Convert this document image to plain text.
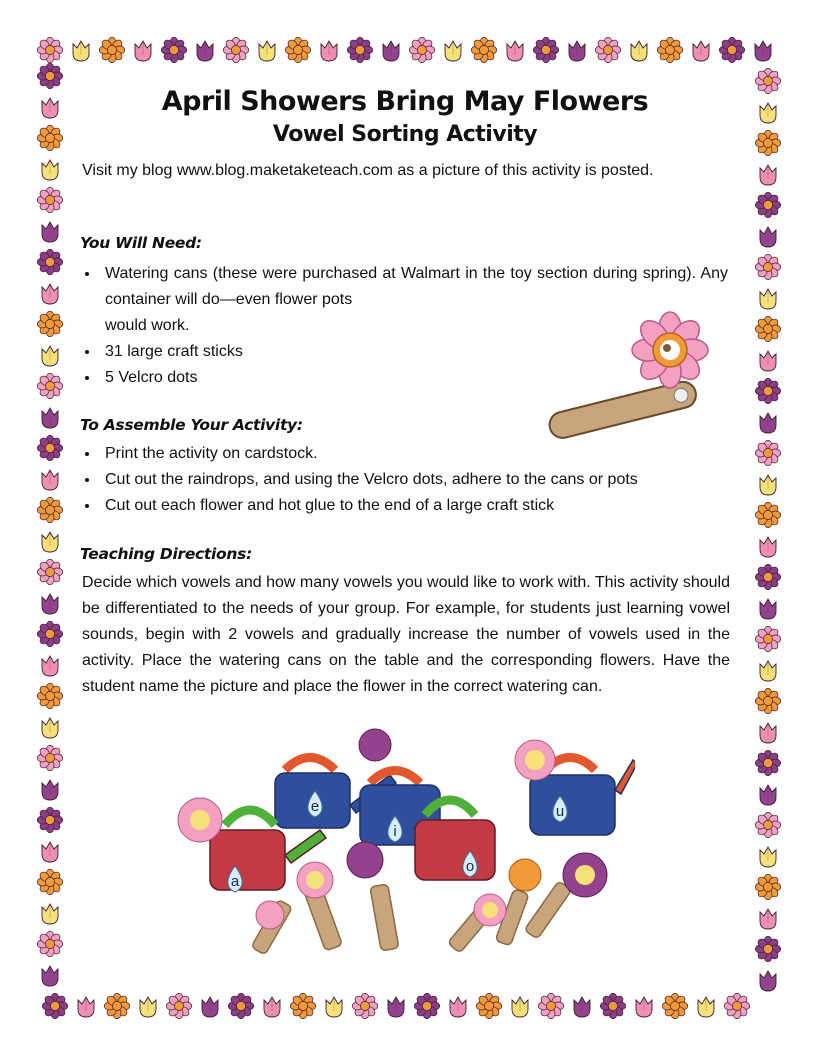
April Showers Bring May Flowers
Vowel Sorting Activity

Visit my blog www.blog.maketaketeach.com as a picture of this activity is posted.

You Will Need:
Watering cans (these were purchased at Walmart in the toy section during spring). Any container will do—even flower pots
would work.
31 large craft sticks
5 Velcro dots
To Assemble Your Activity:
Print the activity on cardstock.
Cut out the raindrops, and using the Velcro dots, adhere to the cans or pots
Cut out each flower and hot glue to the end of a large craft stick
Teaching Directions:

Decide which vowels and how many vowels you would like to work with. This activity should be differentiated to the needs of your group. For example, for students just learning vowel sounds, begin with 2 vowels and gradually increase the number of vowels used in the activity. Place the watering cans on the table and the corresponding flowers. Have the student name the picture and place the flower in the correct watering can.

a
e
i
o
u
